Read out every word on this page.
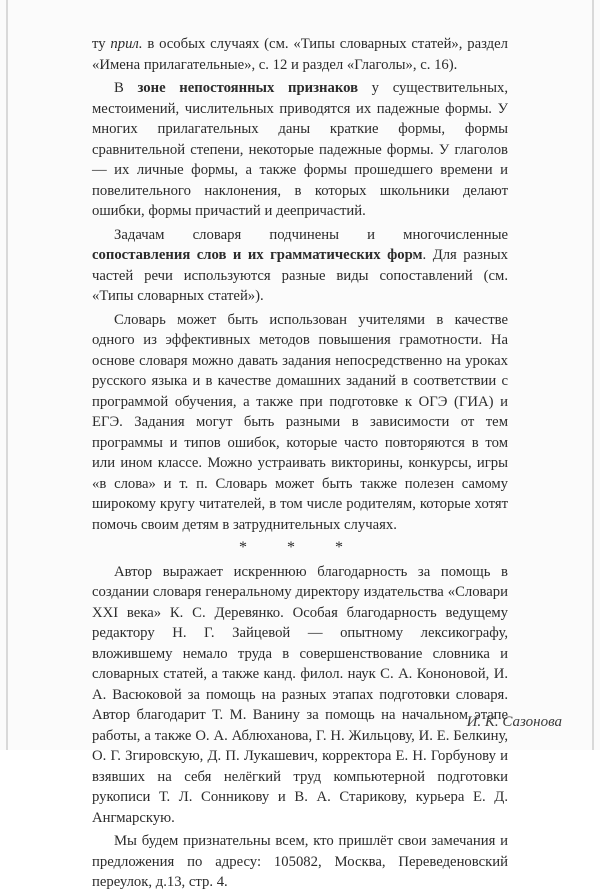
ту прил. в особых случаях (см. «Типы словарных статей», раздел «Имена прилагательные», с. 12 и раздел «Глаголы», с. 16).

В зоне непостоянных признаков у существительных, местоимений, числительных приводятся их падежные формы. У многих прилагательных даны краткие формы, формы сравнительной степени, некоторые падежные формы. У глаголов — их личные формы, а также формы прошедшего времени и повелительного наклонения, в которых школьники делают ошибки, формы причастий и деепричастий.

Задачам словаря подчинены и многочисленные сопоставления слов и их грамматических форм. Для разных частей речи используются разные виды сопоставлений (см. «Типы словарных статей»).

Словарь может быть использован учителями в качестве одного из эффективных методов повышения грамотности. На основе словаря можно давать задания непосредственно на уроках русского языка и в качестве домашних заданий в соответствии с программой обучения, а также при подготовке к ОГЭ (ГИА) и ЕГЭ. Задания могут быть разными в зависимости от тем программы и типов ошибок, которые часто повторяются в том или ином классе. Можно устраивать викторины, конкурсы, игры «в слова» и т. п. Словарь может быть также полезен самому широкому кругу читателей, в том числе родителям, которые хотят помочь своим детям в затруднительных случаях.

* * *

Автор выражает искреннюю благодарность за помощь в создании словаря генеральному директору издательства «Словари XXI века» К. С. Деревянко. Особая благодарность ведущему редактору Н. Г. Зайцевой — опытному лексикографу, вложившему немало труда в совершенствование словника и словарных статей, а также канд. филол. наук С. А. Кононовой, И. А. Васюковой за помощь на разных этапах подготовки словаря. Автор благодарит Т. М. Ванину за помощь на начальном этапе работы, а также О. А. Аблюханова, Г. Н. Жильцову, И. Е. Белкину, О. Г. Згировскую, Д. П. Лукашевич, корректора Е. Н. Горбунову и взявших на себя нелёгкий труд компьютерной подготовки рукописи Т. Л. Сонникову и В. А. Старикову, курьера Е. Д. Ангмарскую.

Мы будем признательны всем, кто пришлёт свои замечания и предложения по адресу: 105082, Москва, Переведеновский переулок, д.13, стр. 4.

И. К. Сазонова
